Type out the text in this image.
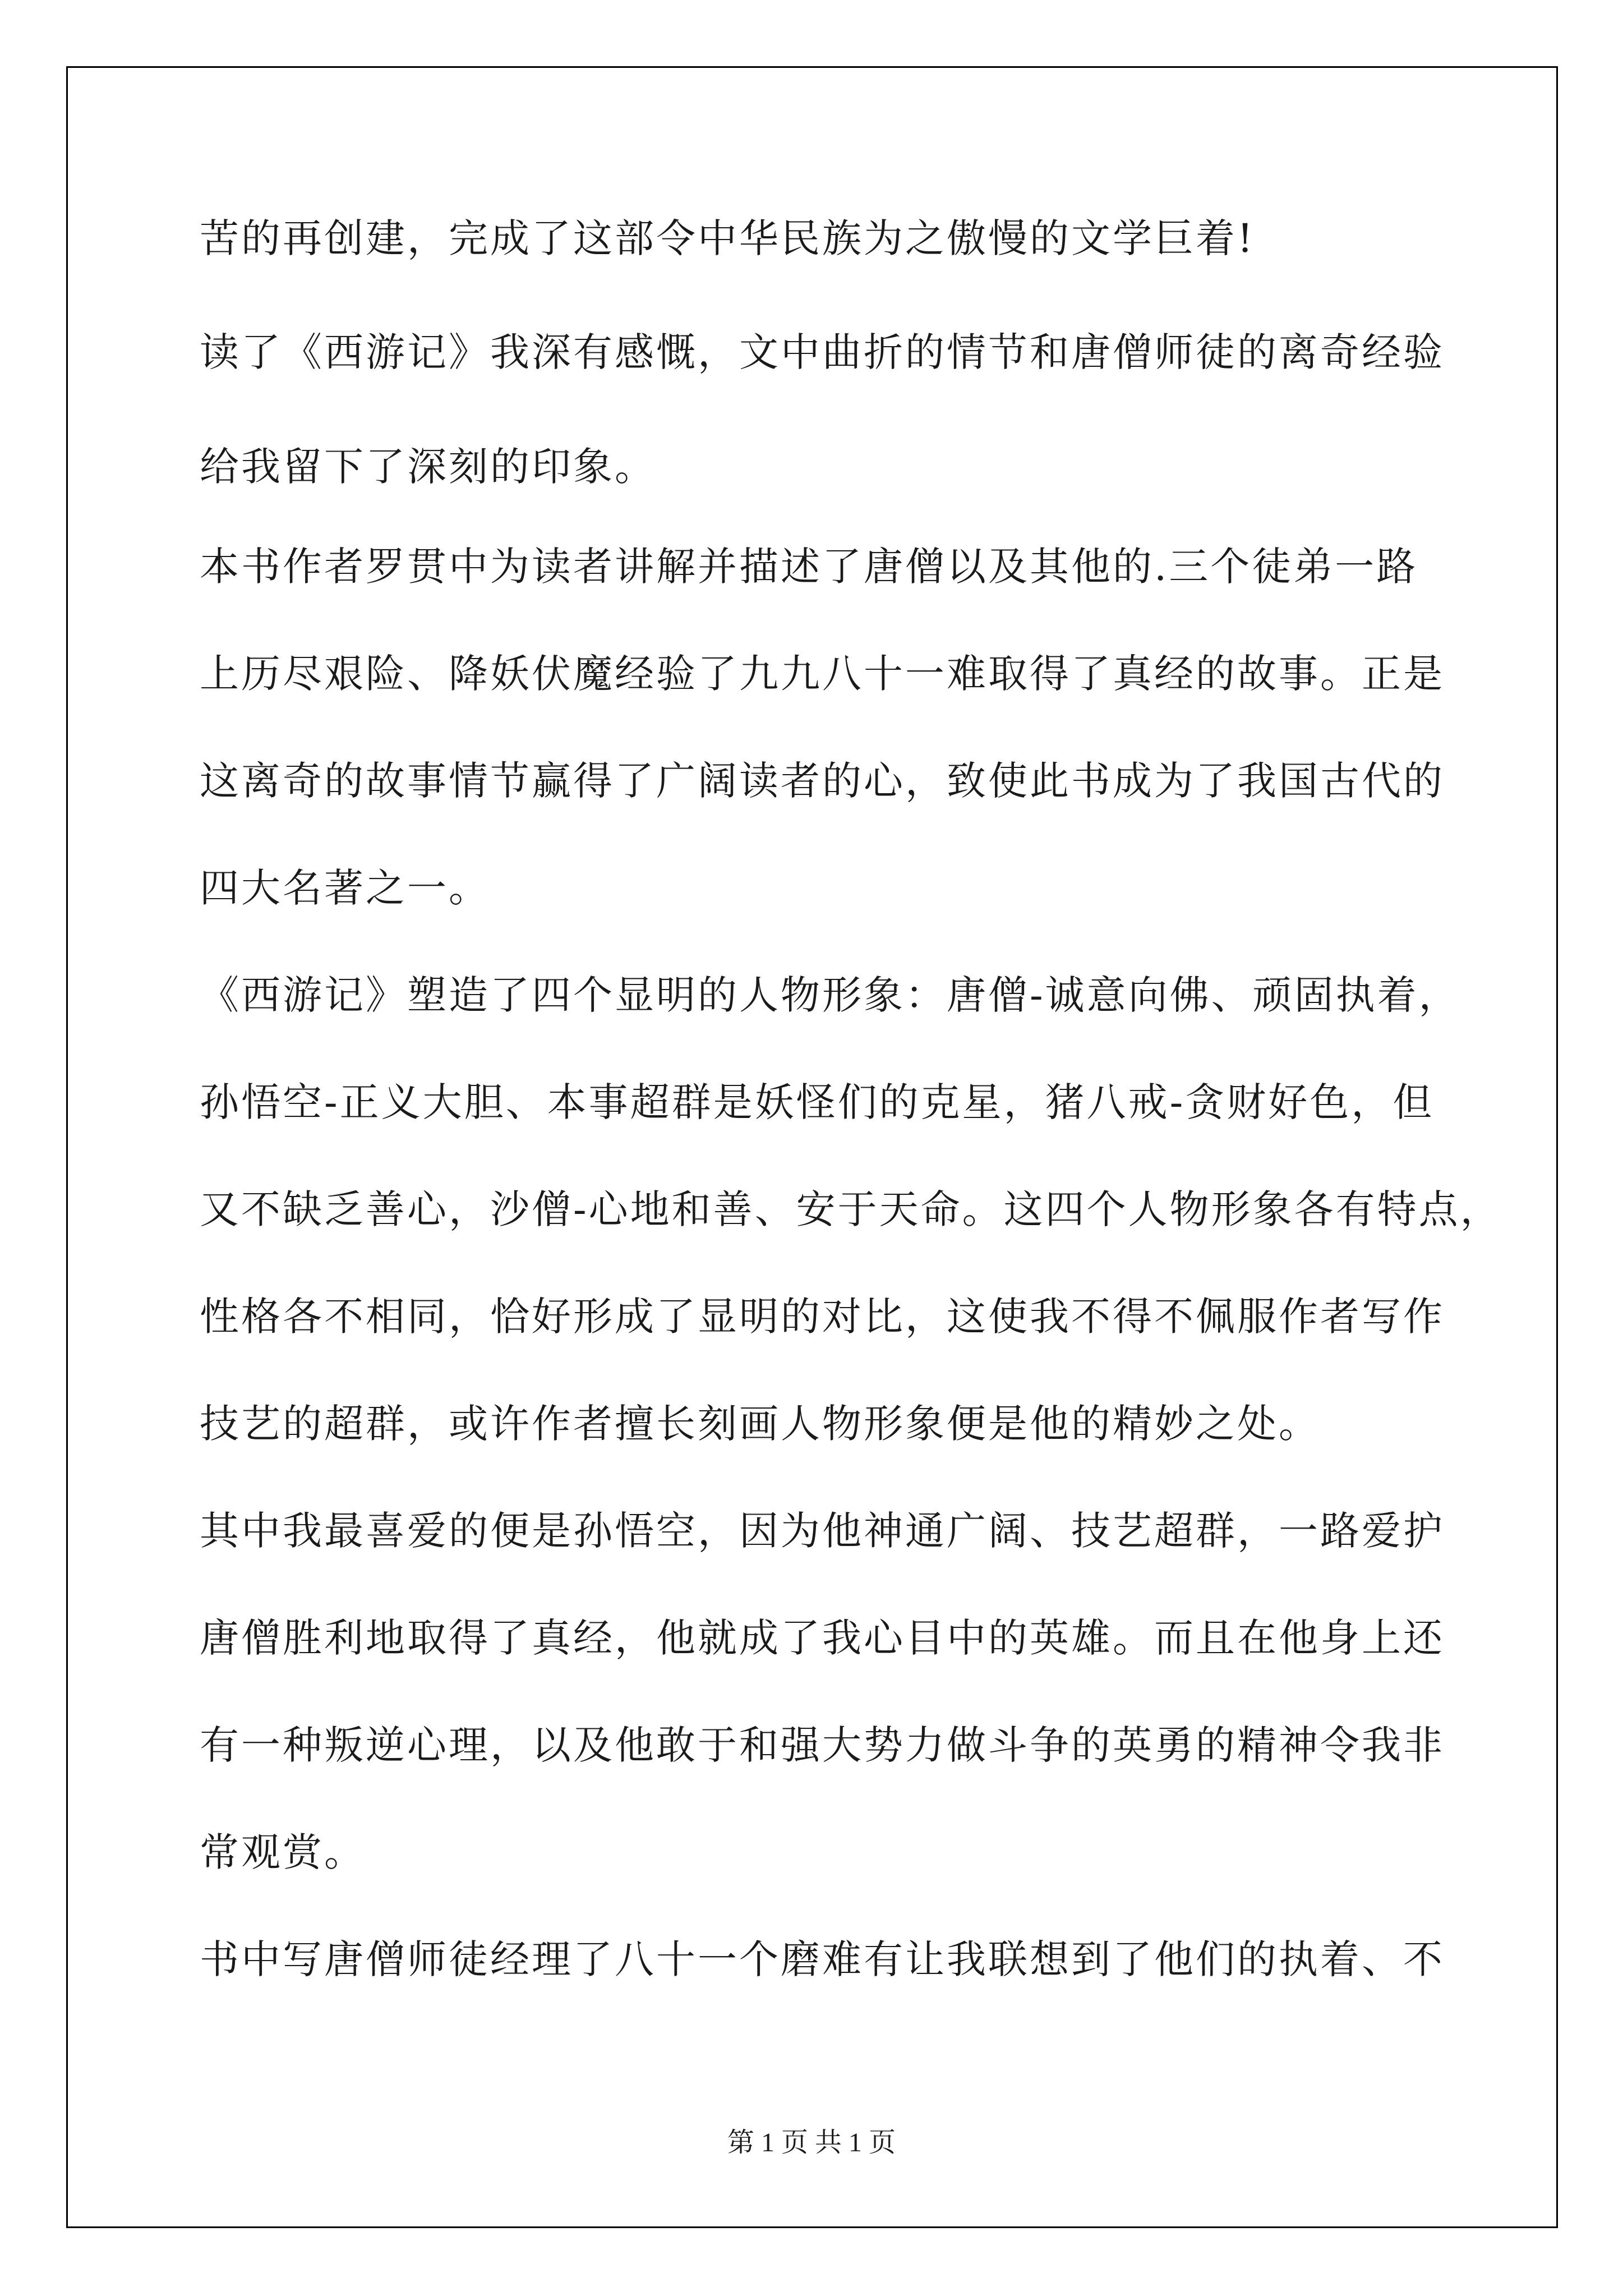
苦的再创建，完成了这部令中华民族为之傲慢的文学巨着!

读了《西游记》我深有感慨，文中曲折的情节和唐僧师徒的离奇经验

给我留下了深刻的印象。

本书作者罗贯中为读者讲解并描述了唐僧以及其他的.三个徒弟一路

上历尽艰险、降妖伏魔经验了九九八十一难取得了真经的故事。正是

这离奇的故事情节赢得了广阔读者的心，致使此书成为了我国古代的

四大名著之一。

《西游记》塑造了四个显明的人物形象：唐僧-诚意向佛、顽固执着，

孙悟空-正义大胆、本事超群是妖怪们的克星，猪八戒-贪财好色，但

又不缺乏善心，沙僧-心地和善、安于天命。这四个人物形象各有特点，

性格各不相同，恰好形成了显明的对比，这使我不得不佩服作者写作

技艺的超群，或许作者擅长刻画人物形象便是他的精妙之处。

其中我最喜爱的便是孙悟空，因为他神通广阔、技艺超群，一路爱护

唐僧胜利地取得了真经，他就成了我心目中的英雄。而且在他身上还

有一种叛逆心理，以及他敢于和强大势力做斗争的英勇的精神令我非

常观赏。

书中写唐僧师徒经理了八十一个磨难有让我联想到了他们的执着、不

第 1 页 共 1 页
